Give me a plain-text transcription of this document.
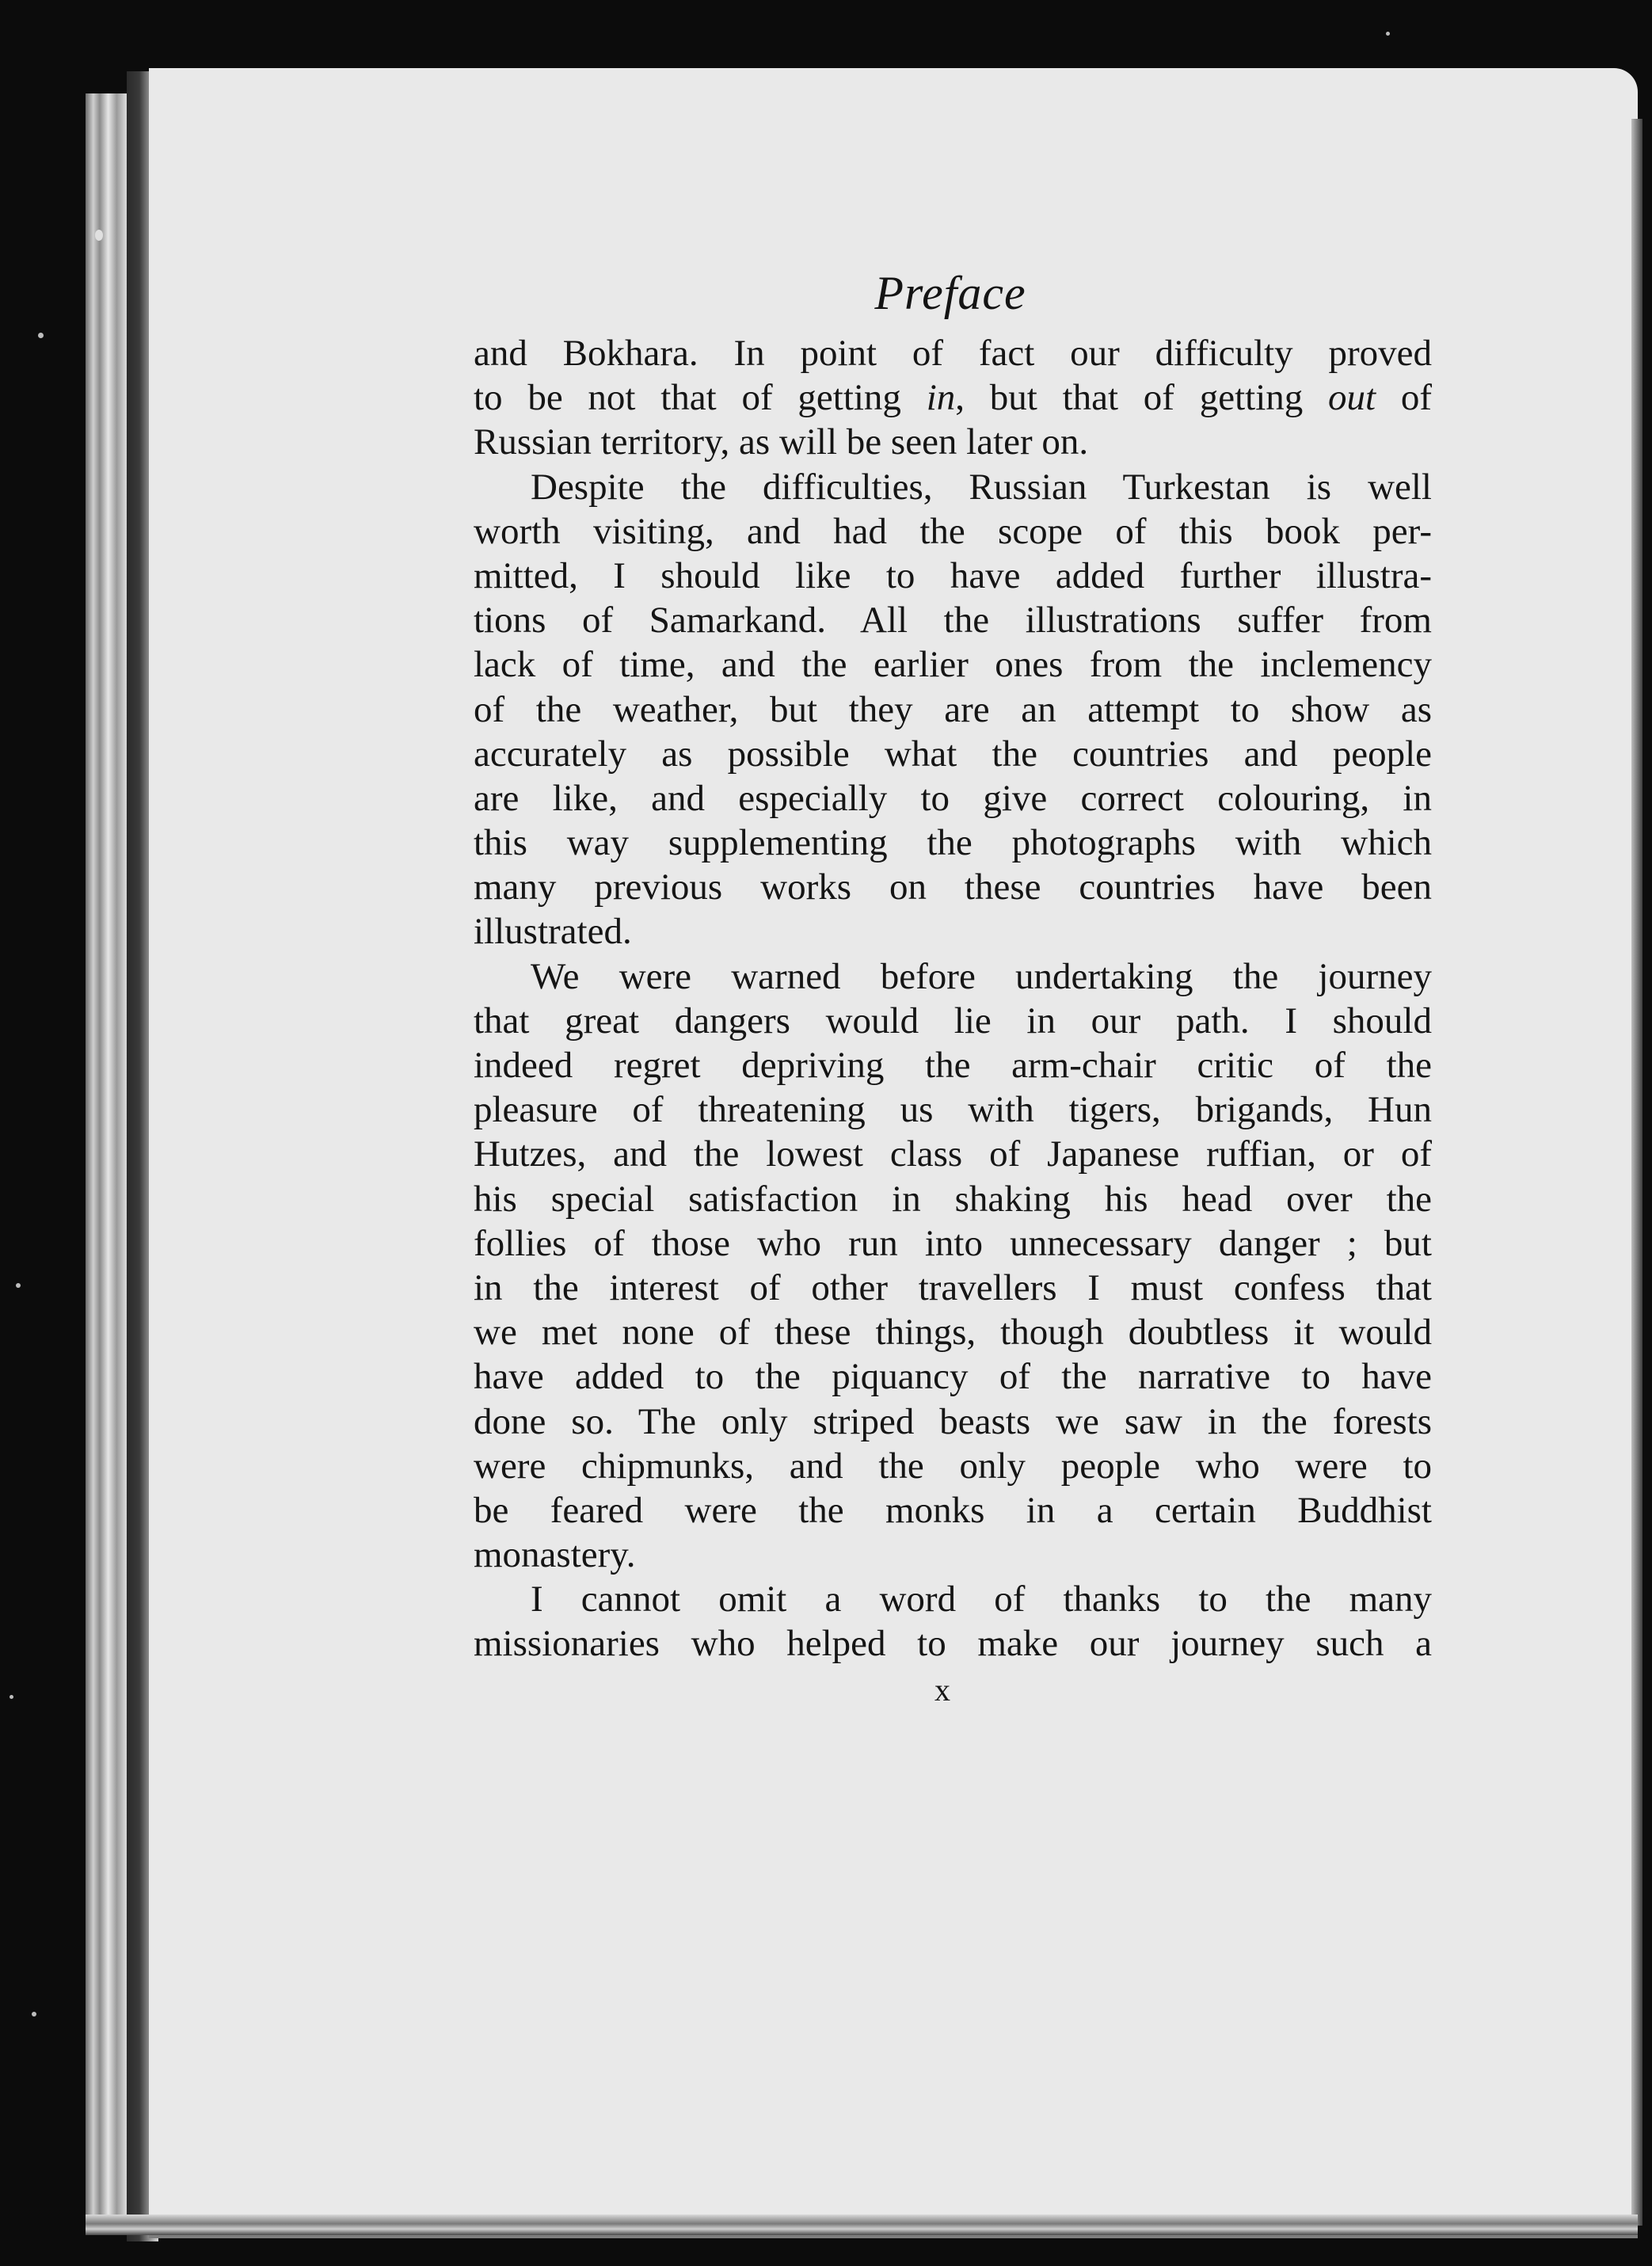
Preface
and Bokhara. In point of fact our difficulty proved
to be not that of getting in, but that of getting out of
Russian territory, as will be seen later on.
Despite the difficulties, Russian Turkestan is well
worth visiting, and had the scope of this book per-
mitted, I should like to have added further illustra-
tions of Samarkand. All the illustrations suffer from
lack of time, and the earlier ones from the inclemency
of the weather, but they are an attempt to show as
accurately as possible what the countries and people
are like, and especially to give correct colouring, in
this way supplementing the photographs with which
many previous works on these countries have been
illustrated.
We were warned before undertaking the journey
that great dangers would lie in our path. I should
indeed regret depriving the arm-chair critic of the
pleasure of threatening us with tigers, brigands, Hun
Hutzes, and the lowest class of Japanese ruffian, or of
his special satisfaction in shaking his head over the
follies of those who run into unnecessary danger ; but
in the interest of other travellers I must confess that
we met none of these things, though doubtless it would
have added to the piquancy of the narrative to have
done so. The only striped beasts we saw in the forests
were chipmunks, and the only people who were to
be feared were the monks in a certain Buddhist
monastery.
I cannot omit a word of thanks to the many
missionaries who helped to make our journey such a
x
